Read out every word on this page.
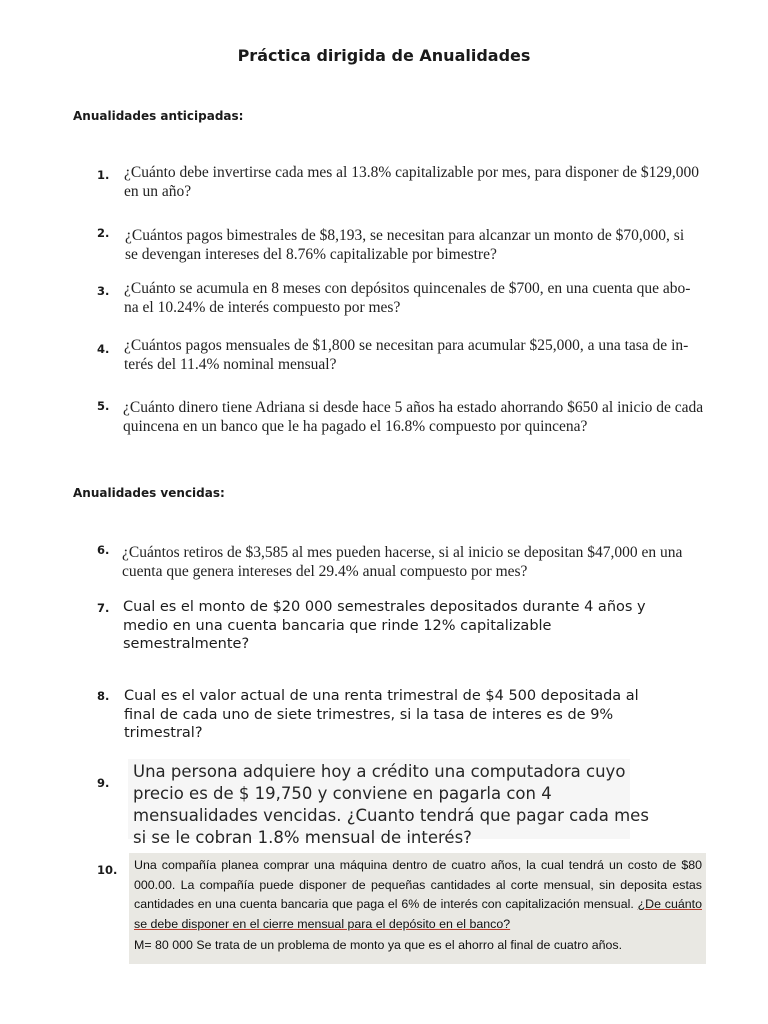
Práctica dirigida de Anualidades
Anualidades anticipadas:
1. ¿Cuánto debe invertirse cada mes al 13.8% capitalizable por mes, para disponer de $129,000
en un año?
2. ¿Cuántos pagos bimestrales de $8,193, se necesitan para alcanzar un monto de $70,000, si
se devengan intereses del 8.76% capitalizable por bimestre?
3. ¿Cuánto se acumula en 8 meses con depósitos quincenales de $700, en una cuenta que abo-
na el 10.24% de interés compuesto por mes?
4. ¿Cuántos pagos mensuales de $1,800 se necesitan para acumular $25,000, a una tasa de in-
terés del 11.4% nominal mensual?
5. ¿Cuánto dinero tiene Adriana si desde hace 5 años ha estado ahorrando $650 al inicio de cada
quincena en un banco que le ha pagado el 16.8% compuesto por quincena?
Anualidades vencidas:
6. ¿Cuántos retiros de $3,585 al mes pueden hacerse, si al inicio se depositan $47,000 en una
cuenta que genera intereses del 29.4% anual compuesto por mes?
7. Cual es el monto de $20 000 semestrales depositados durante 4 años y
medio en una cuenta bancaria que rinde 12% capitalizable
semestralmente?
8. Cual es el valor actual de una renta trimestral de $4 500 depositada al
final de cada uno de siete trimestres, si la tasa de interes es de 9%
trimestral?
9.
Una persona adquiere hoy a crédito una computadora cuyo
precio es de $ 19,750 y conviene en pagarla con 4
mensualidades vencidas. ¿Cuanto tendrá que pagar cada mes
si se le cobran 1.8% mensual de interés?
10.	Una compañía planea comprar una máquina dentro de cuatro años, la cual tendrá un costo de $80 000.00. La compañía puede disponer de pequeñas cantidades al corte mensual, sin deposita estas cantidades en una cuenta bancaria que paga el 6% de interés con capitalización mensual. ¿De cuánto se debe disponer en el cierre mensual para el depósito en el banco?
M= 80 000 Se trata de un problema de monto ya que es el ahorro al final de cuatro años.
